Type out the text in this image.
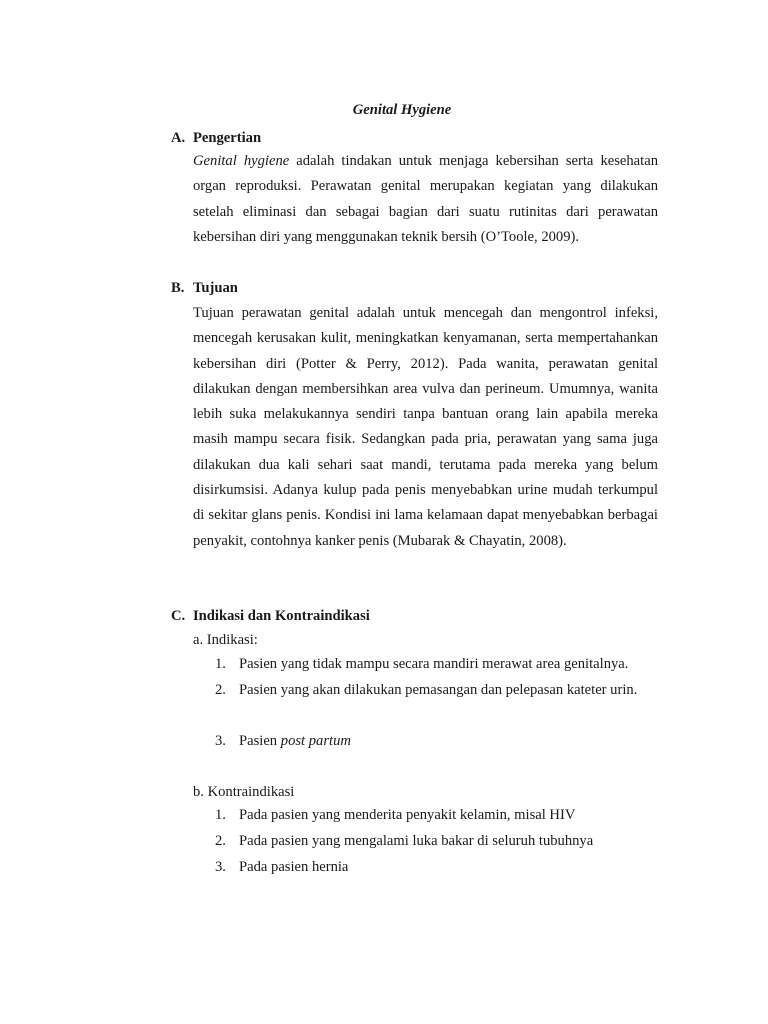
Genital Hygiene
A. Pengertian
Genital hygiene adalah tindakan untuk menjaga kebersihan serta kesehatan organ reproduksi. Perawatan genital merupakan kegiatan yang dilakukan setelah eliminasi dan sebagai bagian dari suatu rutinitas dari perawatan kebersihan diri yang menggunakan teknik bersih (O’Toole, 2009).
B. Tujuan
Tujuan perawatan genital adalah untuk mencegah dan mengontrol infeksi, mencegah kerusakan kulit, meningkatkan kenyamanan, serta mempertahankan kebersihan diri (Potter & Perry, 2012). Pada wanita, perawatan genital dilakukan dengan membersihkan area vulva dan perineum. Umumnya, wanita lebih suka melakukannya sendiri tanpa bantuan orang lain apabila mereka masih mampu secara fisik. Sedangkan pada pria, perawatan yang sama juga dilakukan dua kali sehari saat mandi, terutama pada mereka yang belum disirkumsisi. Adanya kulup pada penis menyebabkan urine mudah terkumpul di sekitar glans penis. Kondisi ini lama kelamaan dapat menyebabkan berbagai penyakit, contohnya kanker penis (Mubarak & Chayatin, 2008).
C. Indikasi dan Kontraindikasi
a. Indikasi:
1. Pasien yang tidak mampu secara mandiri merawat area genitalnya.
2. Pasien yang akan dilakukan pemasangan dan pelepasan kateter urin.
3. Pasien post partum
b. Kontraindikasi
1. Pada pasien yang menderita penyakit kelamin, misal HIV
2. Pada pasien yang mengalami luka bakar di seluruh tubuhnya
3. Pada pasien hernia
